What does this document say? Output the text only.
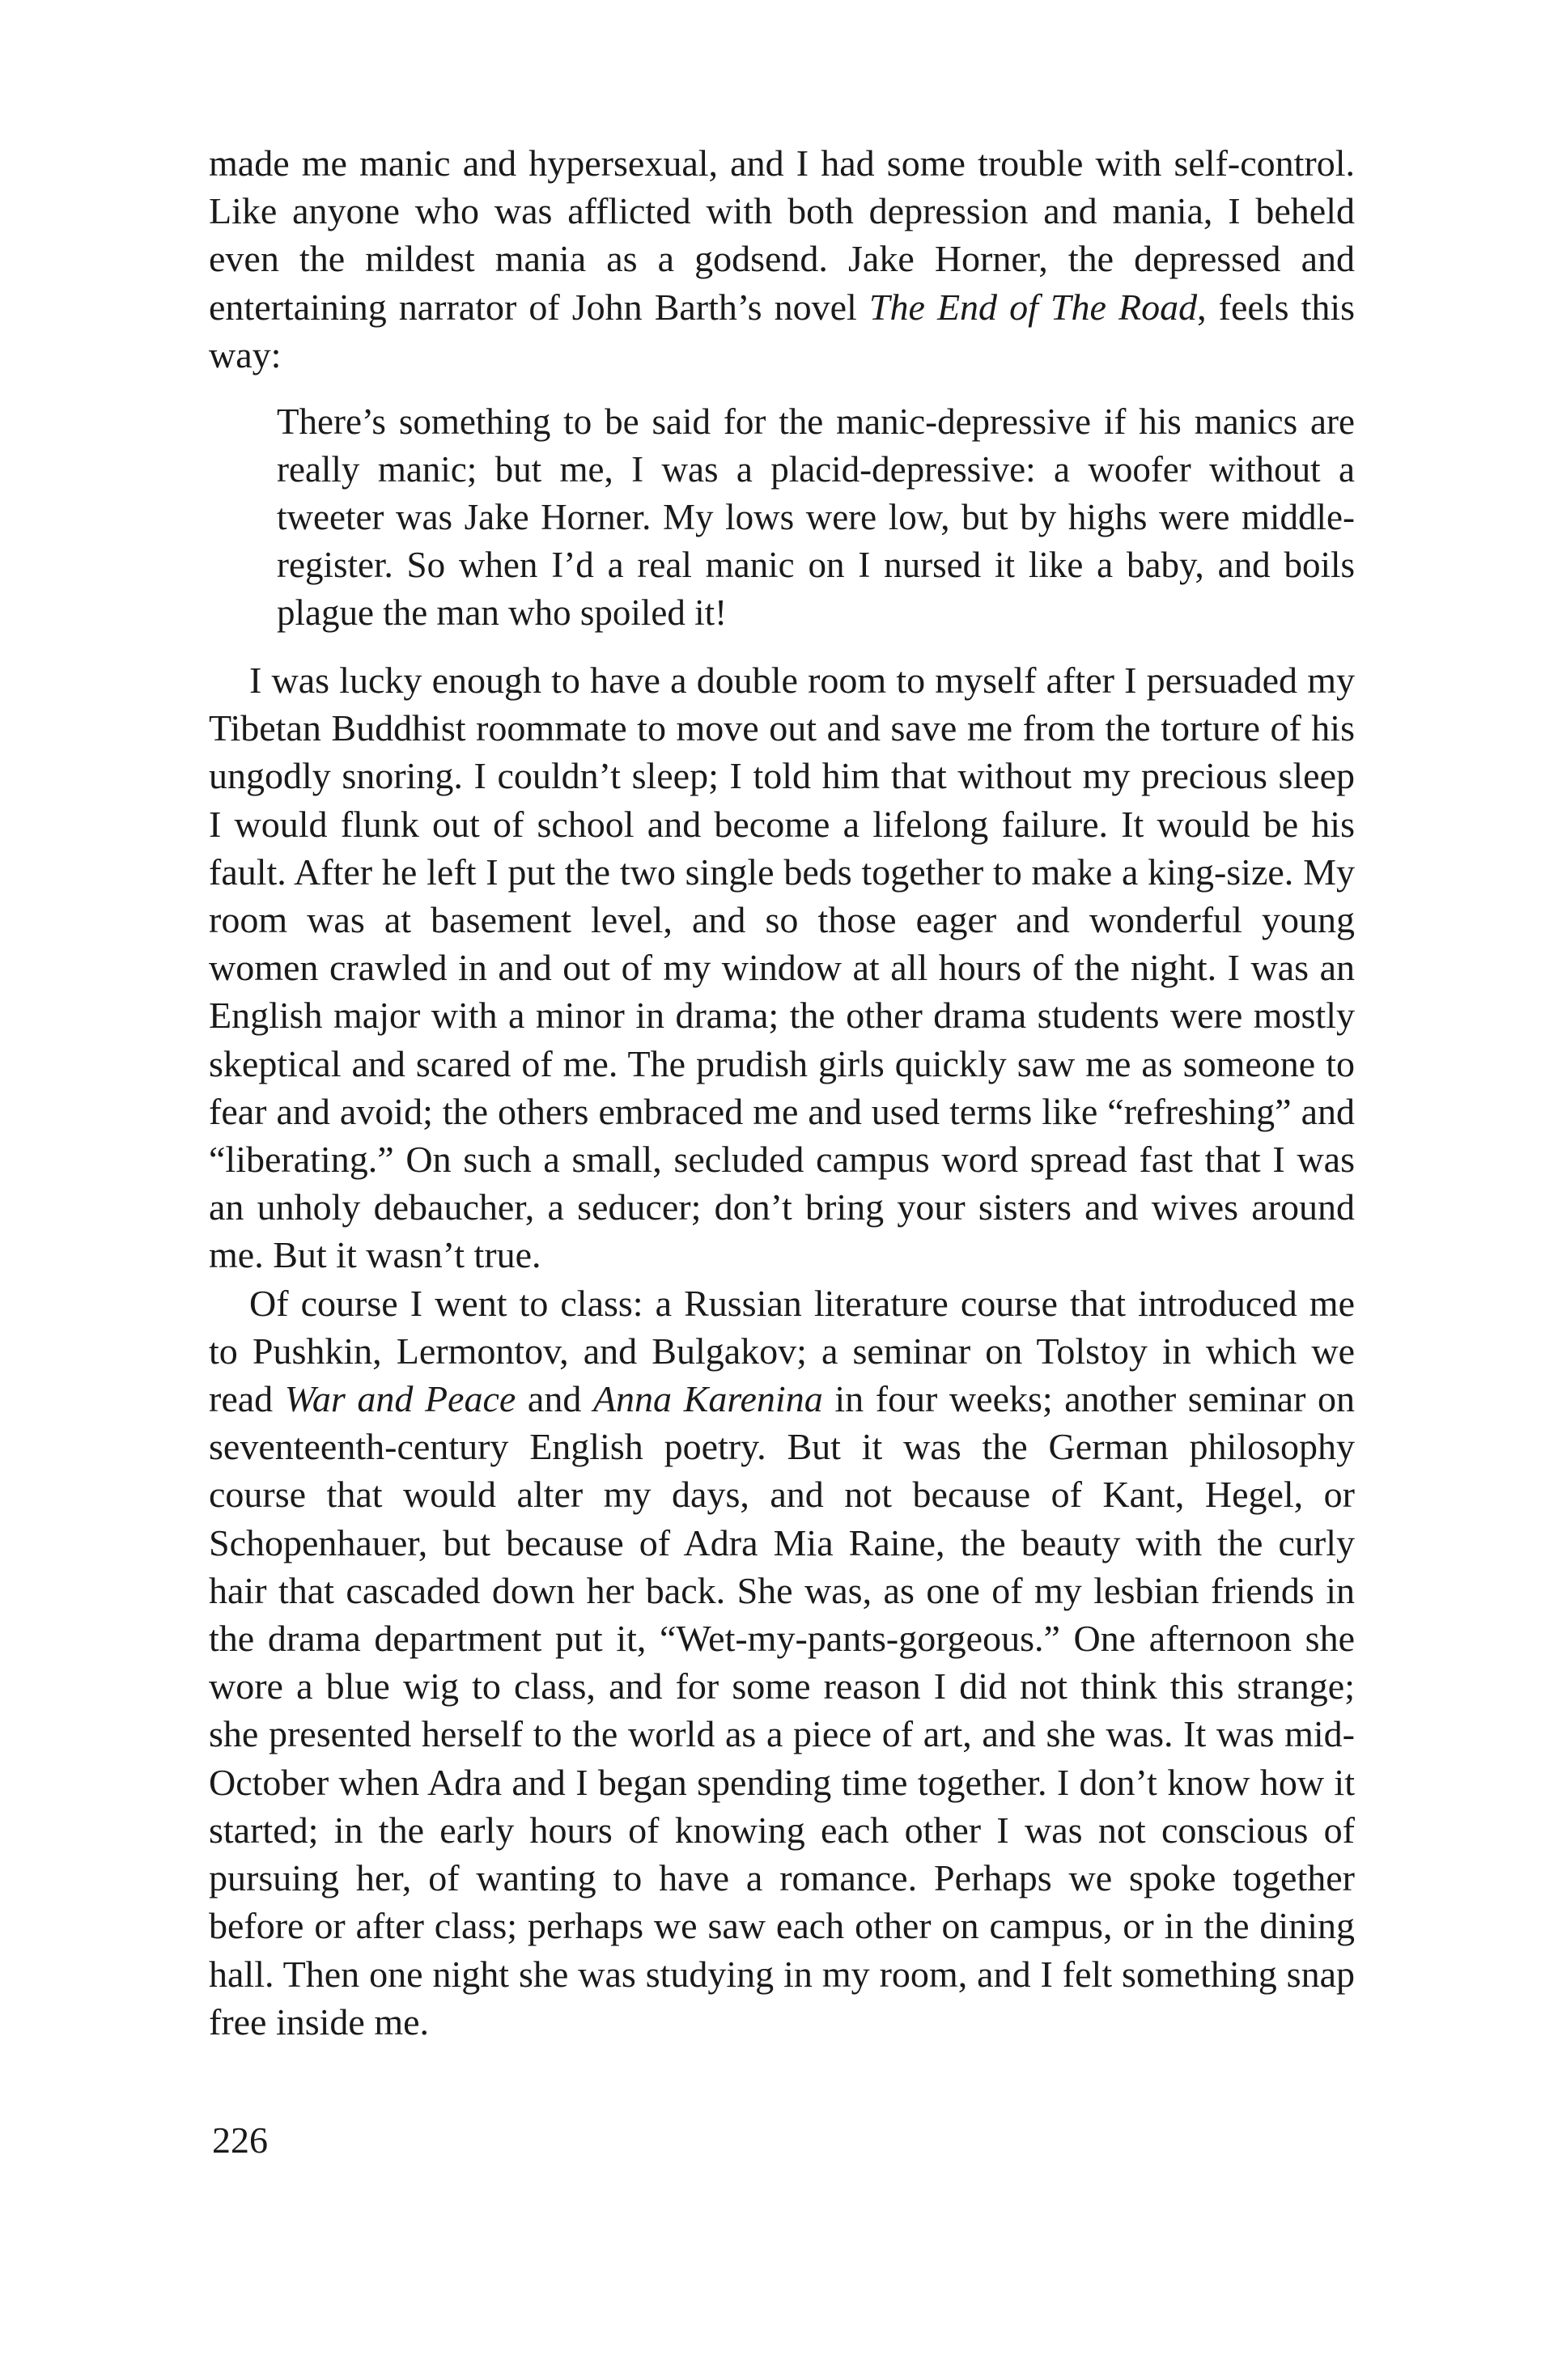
made me manic and hypersexual, and I had some trouble with self-control. Like anyone who was afflicted with both depression and mania, I beheld even the mildest mania as a godsend. Jake Horner, the depressed and entertaining narrator of John Barth’s novel The End of The Road, feels this way:

There’s something to be said for the manic-depressive if his manics are really manic; but me, I was a placid-depressive: a woofer without a tweeter was Jake Horner. My lows were low, but by highs were middle-register. So when I’d a real manic on I nursed it like a baby, and boils plague the man who spoiled it!

I was lucky enough to have a double room to myself after I persuaded my Tibetan Buddhist roommate to move out and save me from the torture of his ungodly snoring. I couldn’t sleep; I told him that without my precious sleep I would flunk out of school and become a lifelong failure. It would be his fault. After he left I put the two single beds together to make a king-size. My room was at basement level, and so those eager and wonderful young women crawled in and out of my window at all hours of the night. I was an English major with a minor in drama; the other drama students were mostly skeptical and scared of me. The prudish girls quickly saw me as someone to fear and avoid; the others embraced me and used terms like “refreshing” and “liberating.” On such a small, secluded campus word spread fast that I was an unholy debaucher, a seducer; don’t bring your sisters and wives around me. But it wasn’t true.

Of course I went to class: a Russian literature course that introduced me to Pushkin, Lermontov, and Bulgakov; a seminar on Tolstoy in which we read War and Peace and Anna Karenina in four weeks; another seminar on seventeenth-century English poetry. But it was the German philosophy course that would alter my days, and not because of Kant, Hegel, or Schopenhauer, but because of Adra Mia Raine, the beauty with the curly hair that cascaded down her back. She was, as one of my lesbian friends in the drama department put it, “Wet-my-pants-gorgeous.” One afternoon she wore a blue wig to class, and for some reason I did not think this strange; she presented herself to the world as a piece of art, and she was. It was mid-October when Adra and I began spending time together. I don’t know how it started; in the early hours of knowing each other I was not conscious of pursuing her, of wanting to have a romance. Perhaps we spoke together before or after class; perhaps we saw each other on campus, or in the dining hall. Then one night she was studying in my room, and I felt something snap free inside me.

226
